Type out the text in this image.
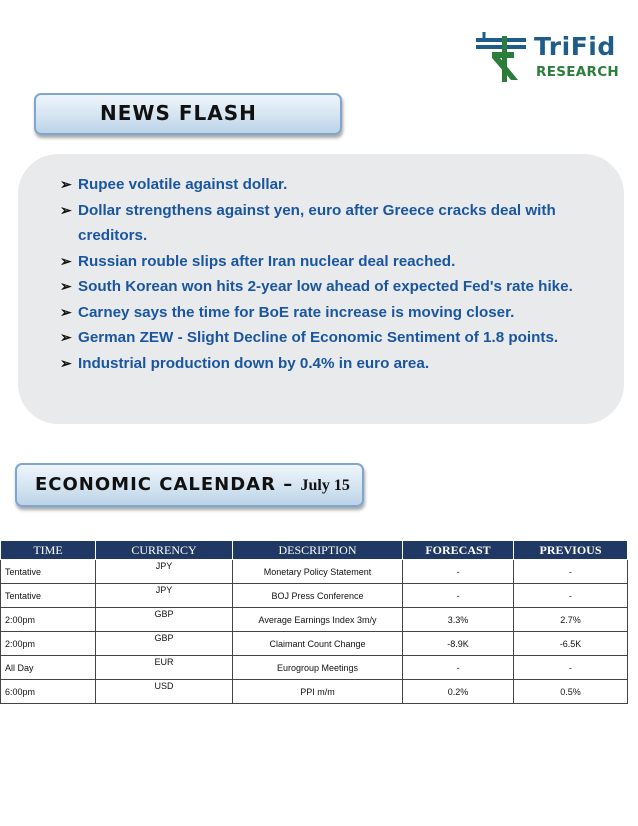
TriFid
RESEARCH
NEWS FLASH
➢ Rupee volatile against dollar.
➢ Dollar strengthens against yen, euro after Greece cracks deal with creditors.
➢ Russian rouble slips after Iran nuclear deal reached.
➢ South Korean won hits 2-year low ahead of expected Fed's rate hike.
➢ Carney says the time for BoE rate increase is moving closer.
➢ German ZEW - Slight Decline of Economic Sentiment of 1.8 points.
➢ Industrial production down by 0.4% in euro area.
ECONOMIC CALENDAR – July 15
TIME	CURRENCY	DESCRIPTION	FORECAST	PREVIOUS
Tentative	JPY	Monetary Policy Statement	-	-
Tentative	JPY	BOJ Press Conference	-	-
2:00pm	GBP	Average Earnings Index 3m/y	3.3%	2.7%
2:00pm	GBP	Claimant Count Change	-8.9K	-6.5K
All Day	EUR	Eurogroup Meetings	-	-
6:00pm	USD	PPI m/m	0.2%	0.5%
